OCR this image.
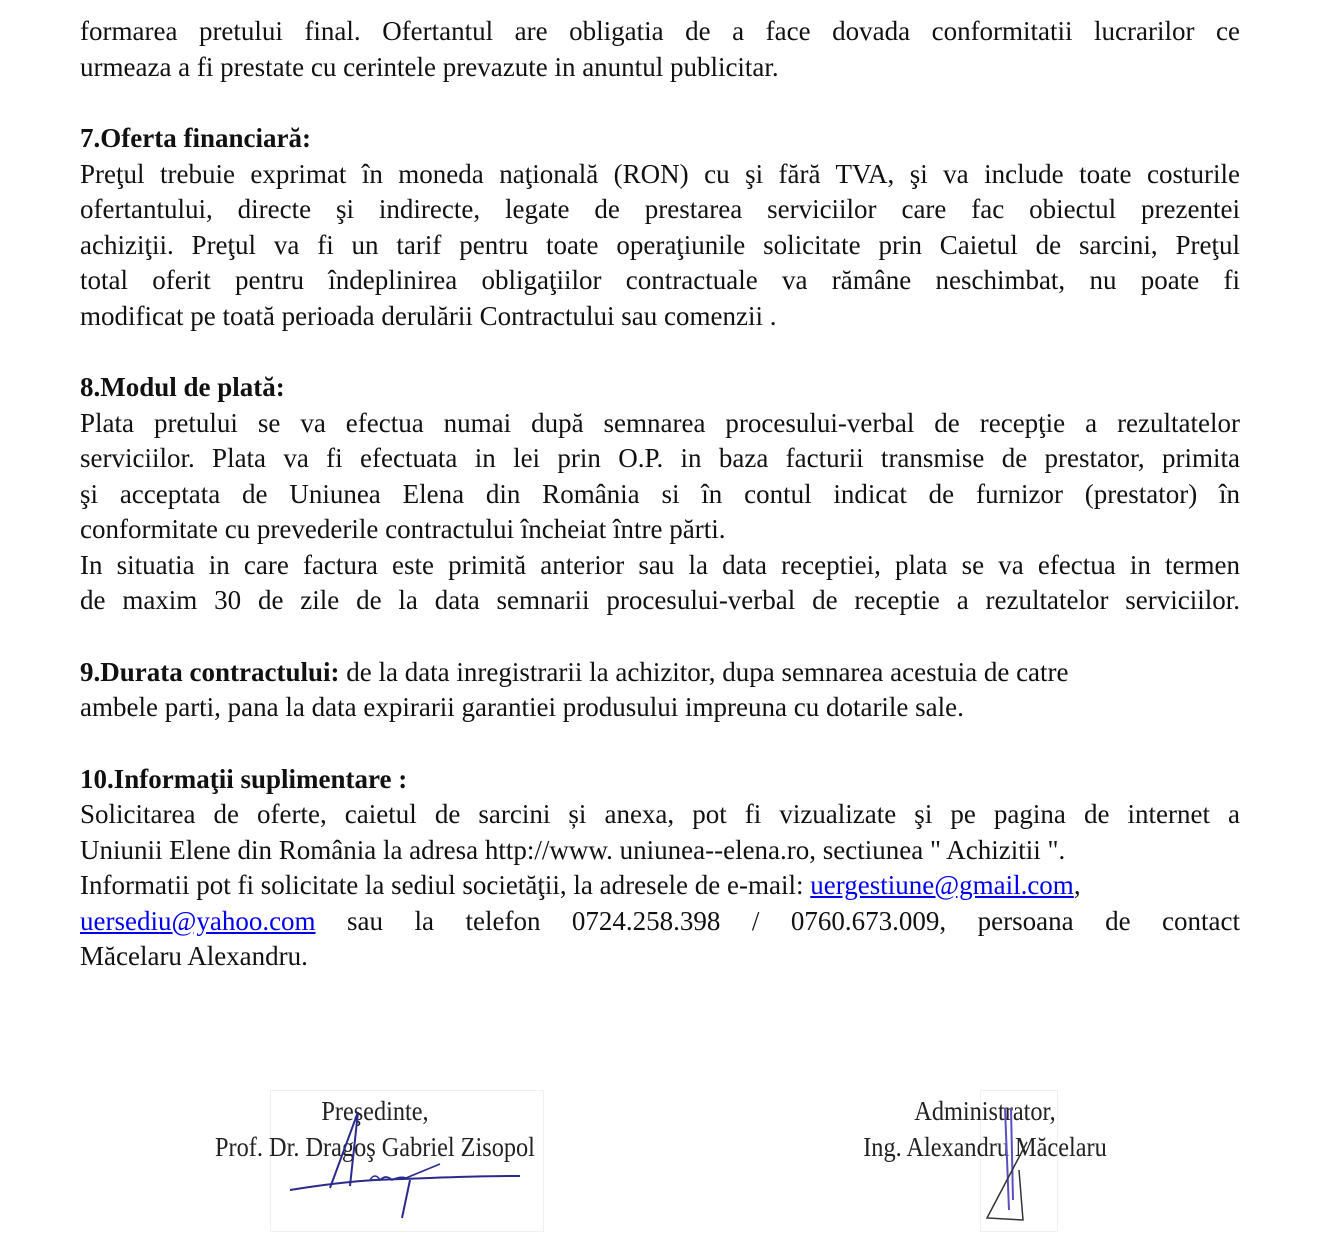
formarea pretului final. Ofertantul are obligatia de a face dovada conformitatii lucrarilor ce
urmeaza a fi prestate cu cerintele prevazute in anuntul publicitar.
7.Oferta financiară:
Preţul trebuie exprimat în moneda naţională (RON) cu şi fără TVA, şi va include toate costurile
ofertantului, directe şi indirecte, legate de prestarea serviciilor care fac obiectul prezentei
achiziţii. Preţul va fi un tarif pentru toate operaţiunile solicitate prin Caietul de sarcini, Preţul
total oferit pentru îndeplinirea obligaţiilor contractuale va rămâne neschimbat, nu poate fi
modificat pe toată perioada derulării Contractului sau comenzii .
8.Modul de plată:
Plata pretului se va efectua numai după semnarea procesului-verbal de recepţie a rezultatelor
serviciilor. Plata va fi efectuata in lei prin O.P. in baza facturii transmise de prestator, primita
şi acceptata de Uniunea Elena din România si în contul indicat de furnizor (prestator) în
conformitate cu prevederile contractului încheiat între părti.
In situatia in care factura este primită anterior sau la data receptiei, plata se va efectua in termen
de maxim 30 de zile de la data semnarii procesului-verbal de receptie a rezultatelor serviciilor.
9.Durata contractului: de la data inregistrarii la achizitor, dupa semnarea acestuia de catre
ambele parti, pana la data expirarii garantiei produsului impreuna cu dotarile sale.
10.Informaţii suplimentare :
Solicitarea de oferte, caietul de sarcini și anexa, pot fi vizualizate şi pe pagina de internet a
Uniunii Elene din România la adresa http://www. uniunea--elena.ro, sectiunea " Achizitii ".
Informatii pot fi solicitate la sediul societăţii, la adresele de e-mail: uergestiune@gmail.com,
uersediu@yahoo.com sau la telefon 0724.258.398 / 0760.673.009, persoana de contact
Măcelaru Alexandru.
Preşedinte,
Prof. Dr. Dragoş Gabriel Zisopol
Administrator,
Ing. Alexandru Măcelaru
